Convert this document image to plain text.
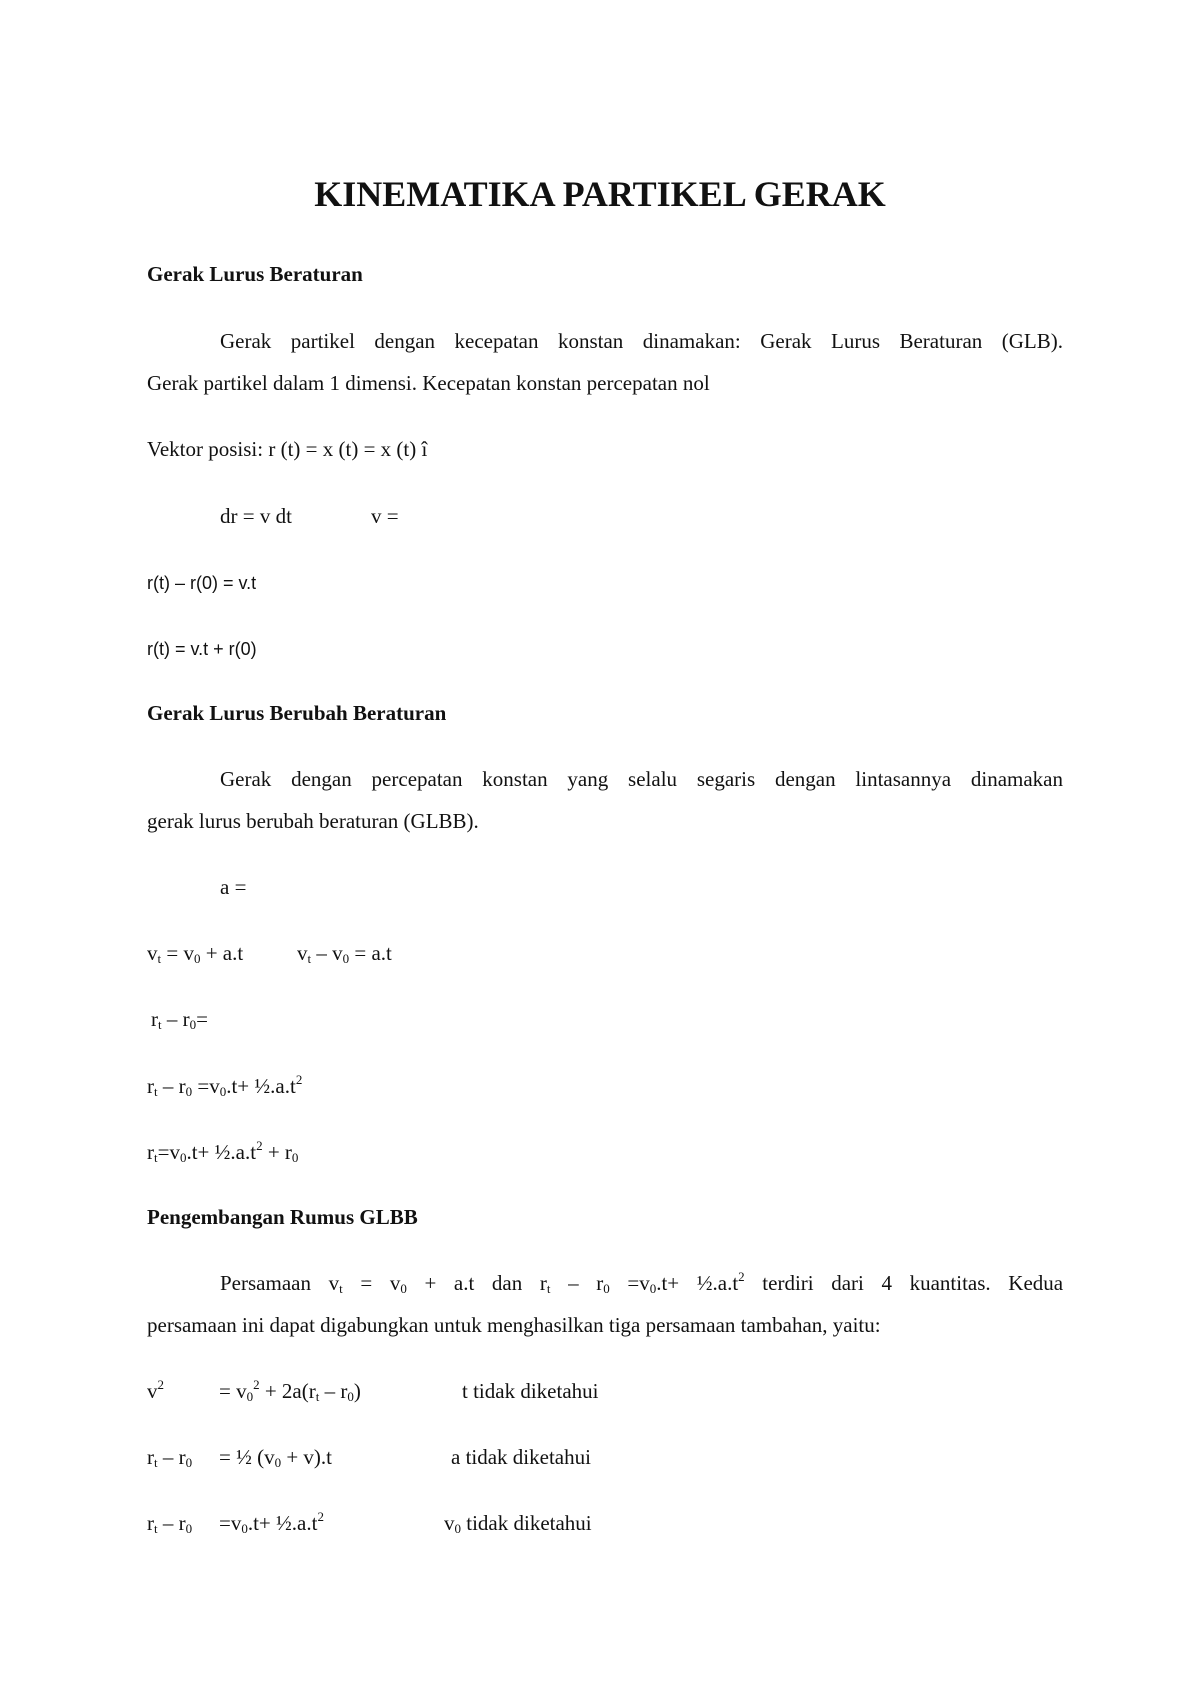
KINEMATIKA PARTIKEL GERAK
Gerak Lurus Beraturan
Gerak partikel dengan kecepatan konstan dinamakan: Gerak Lurus Beraturan (GLB).
Gerak partikel dalam 1 dimensi. Kecepatan konstan percepatan nol
Vektor posisi: r (t) = x (t) = x (t) î
dr = v dt	v =
r(t) – r(0) = v.t
r(t) = v.t + r(0)
Gerak Lurus Berubah Beraturan
Gerak dengan percepatan konstan yang selalu segaris dengan lintasannya dinamakan
gerak lurus berubah beraturan (GLBB).
a =
$v_t = v_0 + a.t$	$v_t - v_0 = a.t$
$r_t - r_0=$
$r_t - r_0 =v_0.t+$ $\frac{1}{2}.a.t^2$
$r_t=v_0.t+$ $\frac{1}{2}.a.t^2 + r_0$
Pengembangan Rumus GLBB
Persamaan $v_t = v_0 + a.t$ dan $r_t - r_0 =v_0.t+$ $\frac{1}{2}.a.t^2$ terdiri dari 4 kuantitas. Kedua
persamaan ini dapat digabungkan untuk menghasilkan tiga persamaan tambahan, yaitu:
$v^2$	= $v_0^2 + 2a(r_t - r_0)$	t tidak diketahui
$r_t - r_0$ = ½ $(v_0 + v).t$	a tidak diketahui
$r_t - r_0 =v_0.t+$ $\frac{1}{2}.a.t^2$	$v_0$ tidak diketahui
